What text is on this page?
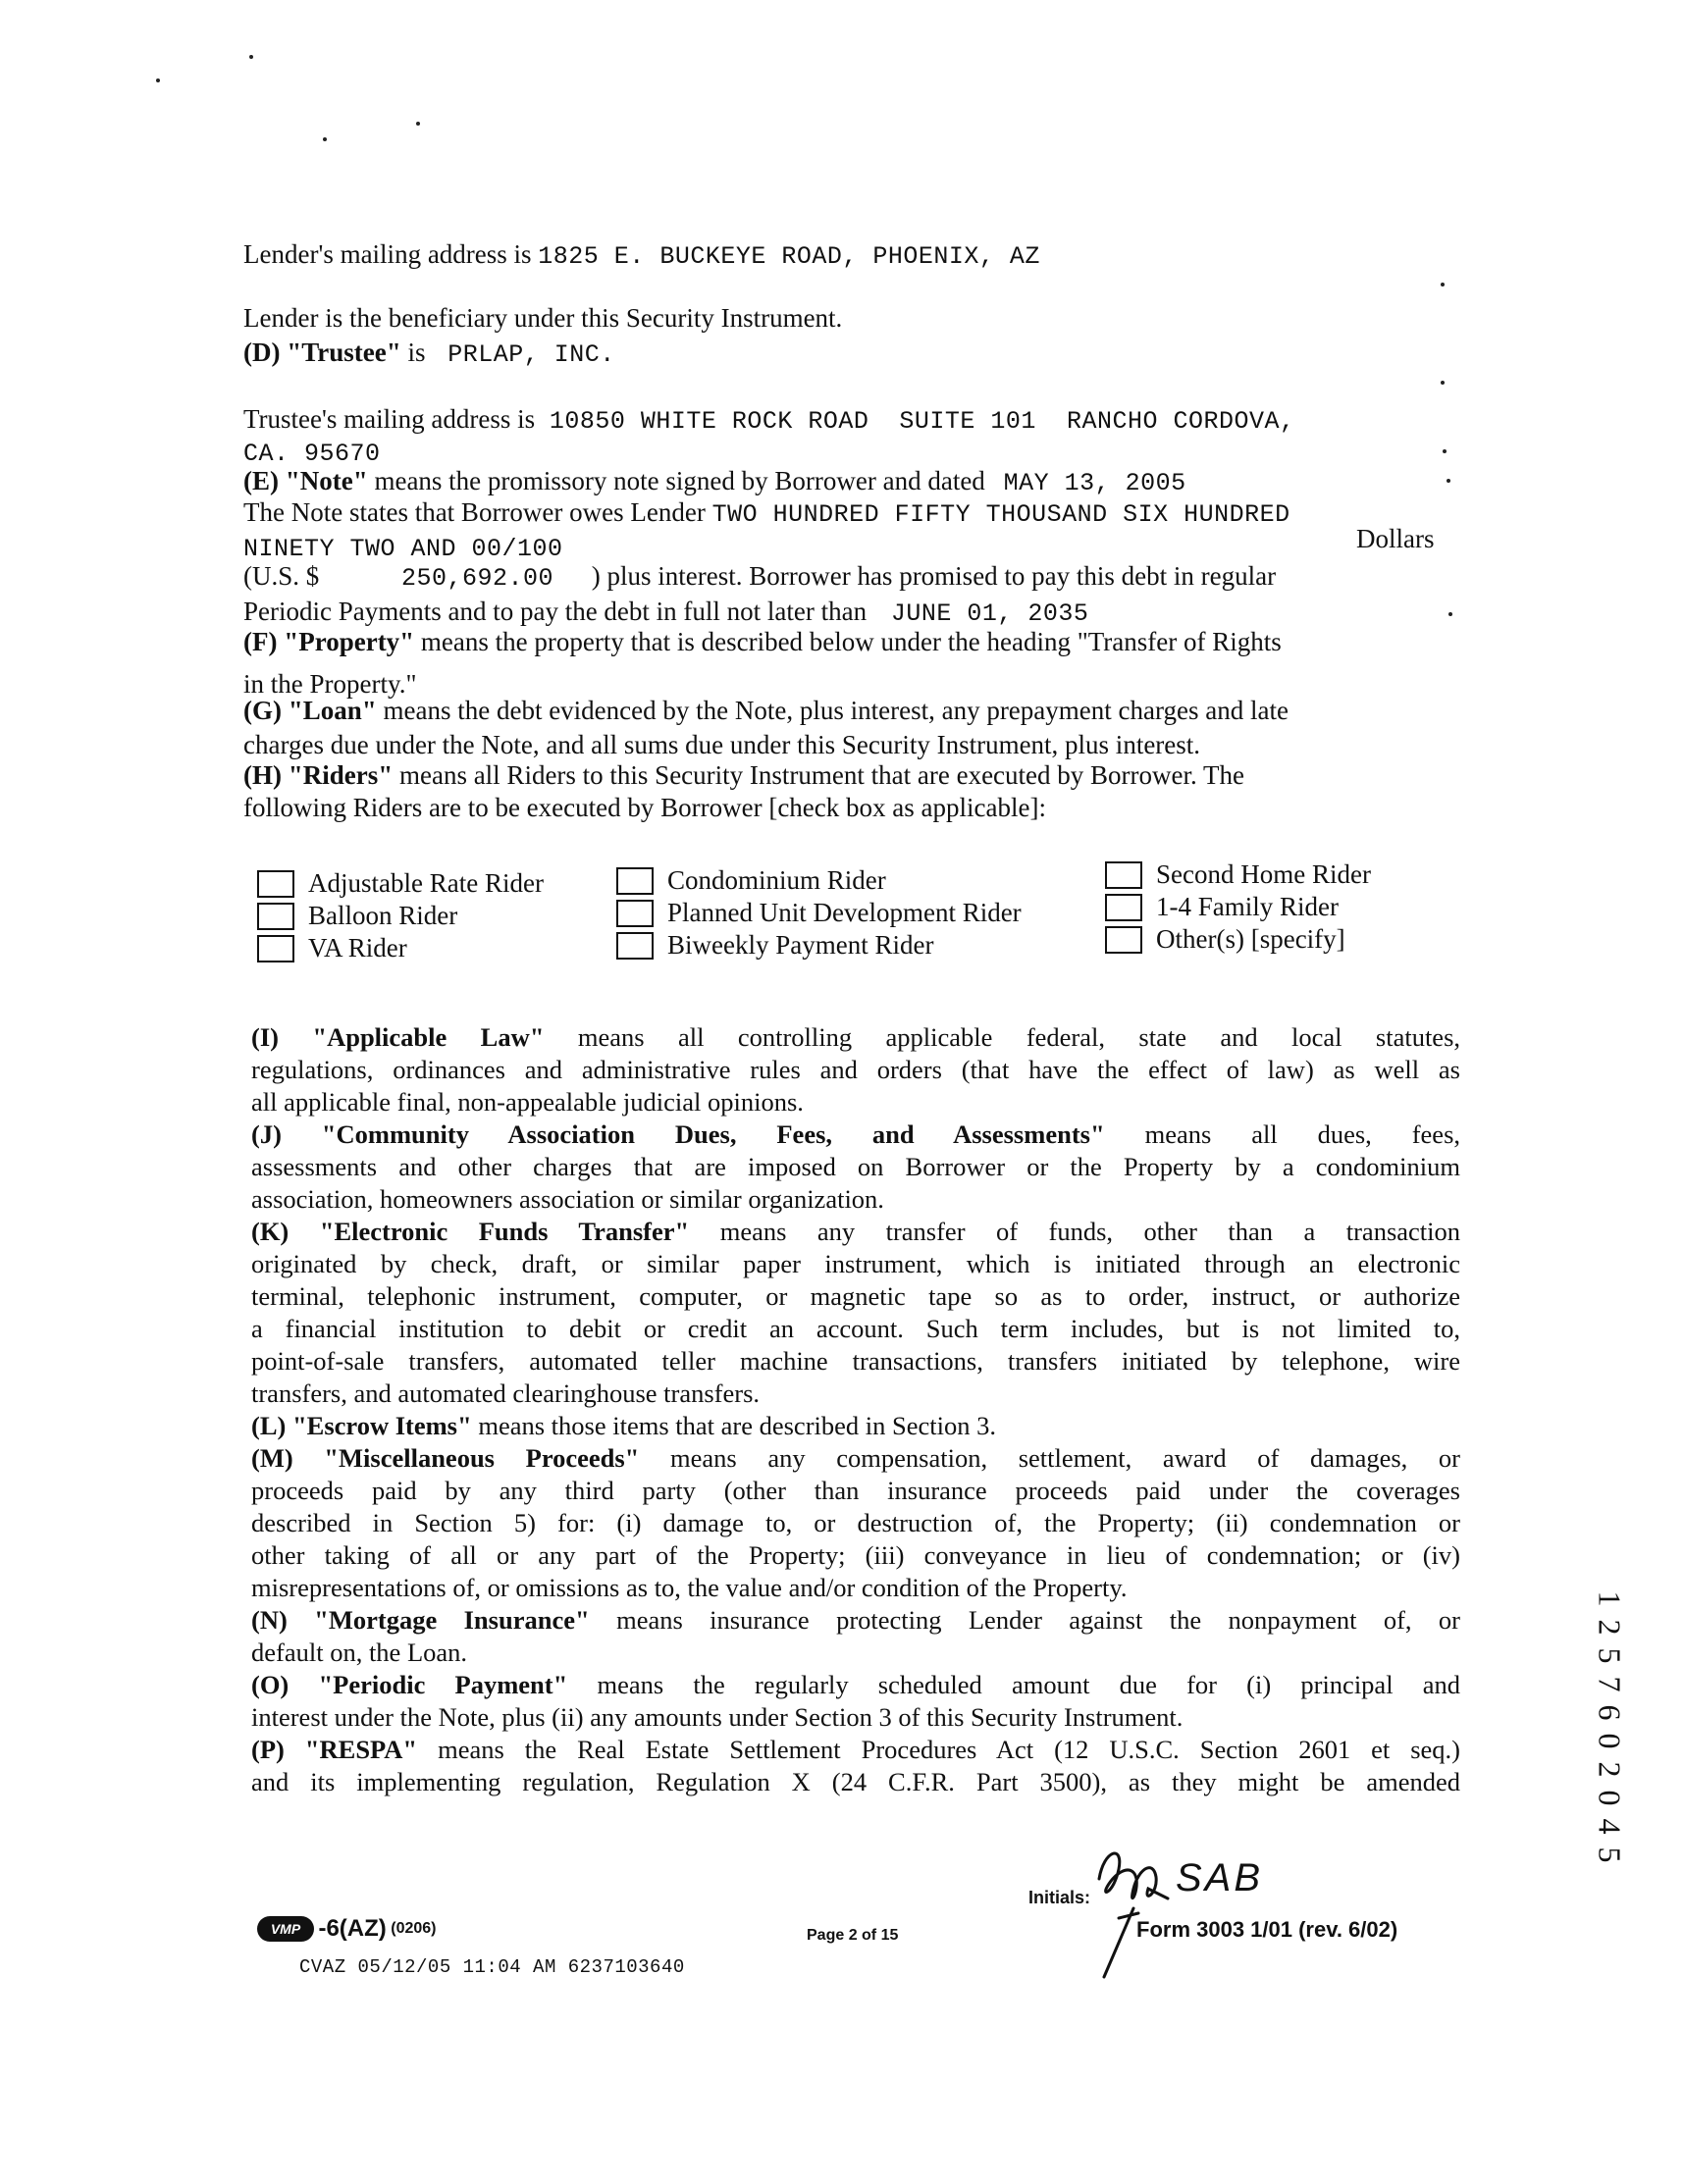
Lender's mailing address is 1825 E. BUCKEYE ROAD, PHOENIX, AZ
Lender is the beneficiary under this Security Instrument.
(D) "Trustee" is PRLAP, INC.
Trustee's mailing address is 10850 WHITE ROCK ROAD  SUITE 101  RANCHO CORDOVA,
CA. 95670
(E) "Note" means the promissory note signed by Borrower and dated MAY 13, 2005
The Note states that Borrower owes Lender TWO HUNDRED FIFTY THOUSAND SIX HUNDRED
NINETY TWO AND 00/100	Dollars
(U.S. $	250,692.00 ) plus interest. Borrower has promised to pay this debt in regular
Periodic Payments and to pay the debt in full not later than JUNE 01, 2035
(F) "Property" means the property that is described below under the heading "Transfer of Rights
in the Property."
(G) "Loan" means the debt evidenced by the Note, plus interest, any prepayment charges and late
charges due under the Note, and all sums due under this Security Instrument, plus interest.
(H) "Riders" means all Riders to this Security Instrument that are executed by Borrower. The
following Riders are to be executed by Borrower [check box as applicable]:
Adjustable Rate Rider
Balloon Rider
VA Rider
Condominium Rider
Planned Unit Development Rider
Biweekly Payment Rider
Second Home Rider
1-4 Family Rider
Other(s) [specify]
(I) "Applicable Law" means all controlling applicable federal, state and local statutes,
regulations, ordinances and administrative rules and orders (that have the effect of law) as well as
all applicable final, non-appealable judicial opinions.
(J) "Community Association Dues, Fees, and Assessments" means all dues, fees,
assessments and other charges that are imposed on Borrower or the Property by a condominium
association, homeowners association or similar organization.
(K) "Electronic Funds Transfer" means any transfer of funds, other than a transaction
originated by check, draft, or similar paper instrument, which is initiated through an electronic
terminal, telephonic instrument, computer, or magnetic tape so as to order, instruct, or authorize
a financial institution to debit or credit an account. Such term includes, but is not limited to,
point-of-sale transfers, automated teller machine transactions, transfers initiated by telephone, wire
transfers, and automated clearinghouse transfers.
(L) "Escrow Items" means those items that are described in Section 3.
(M) "Miscellaneous Proceeds" means any compensation, settlement, award of damages, or
proceeds paid by any third party (other than insurance proceeds paid under the coverages
described in Section 5) for: (i) damage to, or destruction of, the Property; (ii) condemnation or
other taking of all or any part of the Property; (iii) conveyance in lieu of condemnation; or (iv)
misrepresentations of, or omissions as to, the value and/or condition of the Property.
(N) "Mortgage Insurance" means insurance protecting Lender against the nonpayment of, or
default on, the Loan.
(O) "Periodic Payment" means the regularly scheduled amount due for (i) principal and
interest under the Note, plus (ii) any amounts under Section 3 of this Security Instrument.
(P) "RESPA" means the Real Estate Settlement Procedures Act (12 U.S.C. Section 2601 et seq.)
and its implementing regulation, Regulation X (24 C.F.R. Part 3500), as they might be amended
VMP -6(AZ) (0206)
CVAZ 05/12/05 11:04 AM 6237103640
Page 2 of 15
Initials: SAB
Form 3003 1/01 (rev. 6/02)
1
2
5
7
6
0
2
0
4
5
